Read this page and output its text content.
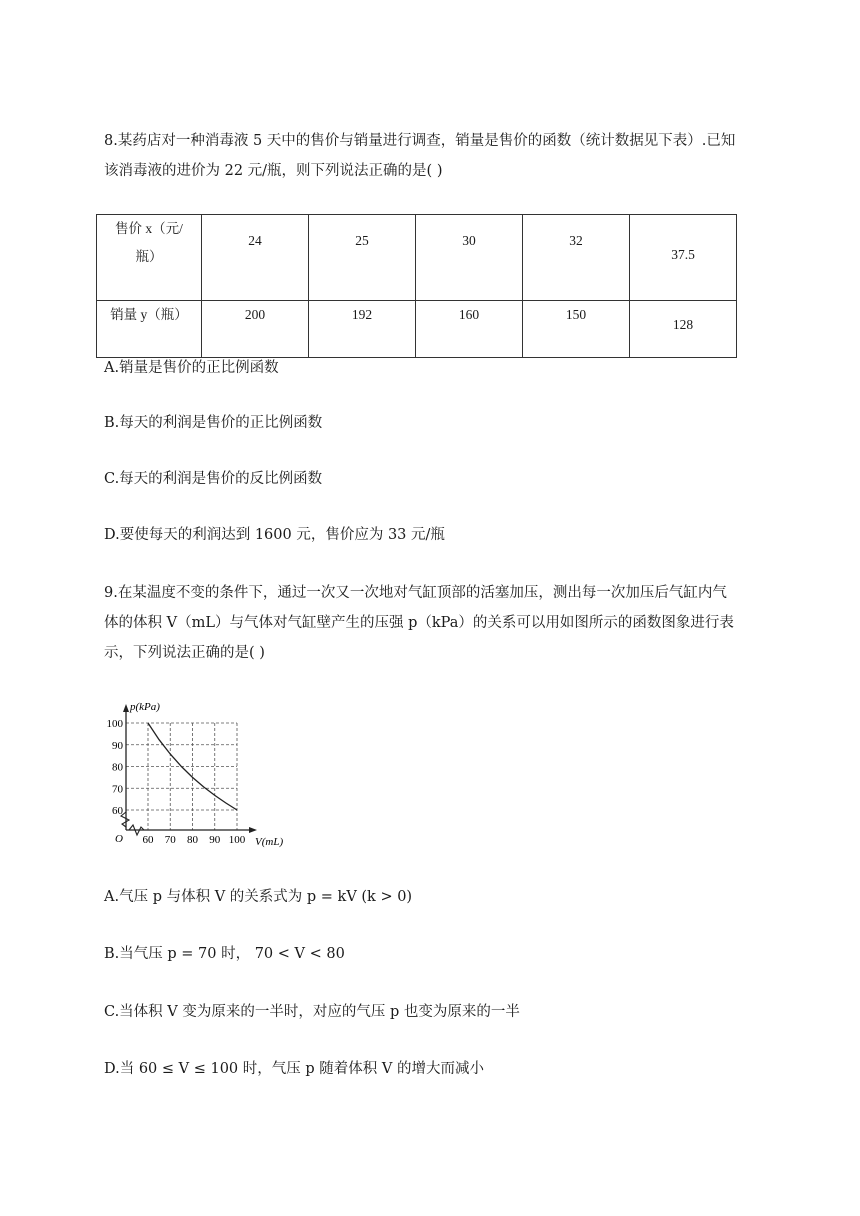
8.某药店对一种消毒液 5 天中的售价与销量进行调查，销量是售价的函数（统计数据见下表）.已知
该消毒液的进价为 22 元/瓶，则下列说法正确的是( )
售价 x（元/
瓶）	24	25	30	32	37.5

销量 y（瓶）	200	192	160	150	128
A.销量是售价的正比例函数
B.每天的利润是售价的正比例函数
C.每天的利润是售价的反比例函数
D.要使每天的利润达到 1600 元，售价应为 33 元/瓶
9.在某温度不变的条件下，通过一次又一次地对气缸顶部的活塞加压，测出每一次加压后气缸内气
体的体积 V（mL）与气体对气缸壁产生的压强 p（kPa）的关系可以用如图所示的函数图象进行表
示，下列说法正确的是( )
60 70 80 90 100
60
70
80
90
100
p(kPa)
V(mL)
O
A.气压 p 与体积 V 的关系式为 p = kV (k > 0)
B.当气压 p = 70 时， 70 < V < 80
C.当体积 V 变为原来的一半时，对应的气压 p 也变为原来的一半
D.当 60 ≤ V ≤ 100 时，气压 p 随着体积 V 的增大而减小
